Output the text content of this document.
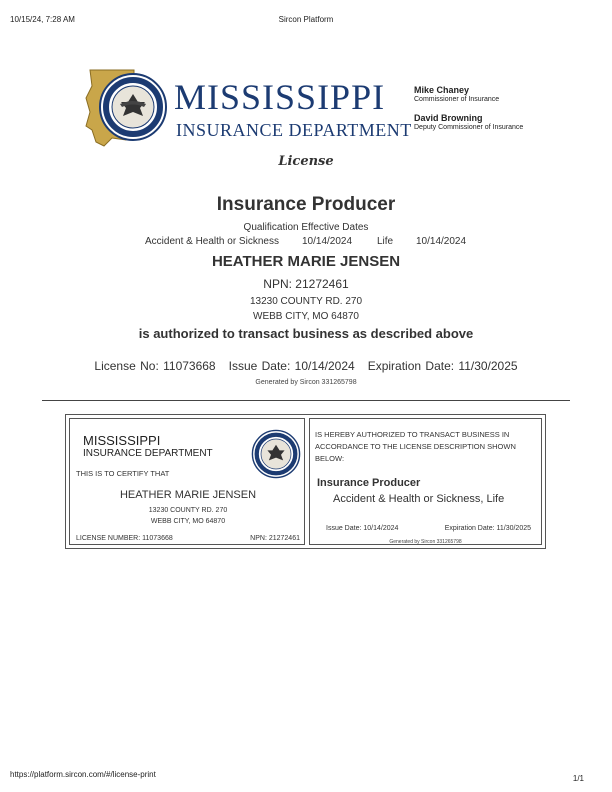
10/15/24, 7:28 AM	Sircon Platform
MISSISSIPPI
INSURANCE DEPARTMENT
Mike Chaney
Commissioner of Insurance
David Browning
Deputy Commissioner of Insurance
License
Insurance Producer
Qualification Effective Dates
Accident & Health or Sickness 10/14/2024 Life 10/14/2024
HEATHER MARIE JENSEN
NPN: 21272461
13230 COUNTY RD. 270
WEBB CITY, MO 64870
is authorized to transact business as described above
License No: 11073668   Issue Date: 10/14/2024   Expiration Date: 11/30/2025
Generated by Sircon 331265798
MISSISSIPPI
INSURANCE DEPARTMENT
THIS IS TO CERTIFY THAT
HEATHER MARIE JENSEN
13230 COUNTY RD. 270
WEBB CITY, MO 64870
LICENSE NUMBER: 11073668	NPN: 21272461
IS HEREBY AUTHORIZED TO TRANSACT BUSINESS IN ACCORDANCE TO THE LICENSE DESCRIPTION SHOWN BELOW:
Insurance Producer
Accident & Health or Sickness, Life
Issue Date: 10/14/2024	Expiration Date: 11/30/2025
Generated by Sircon 331265798
https://platform.sircon.com/#/license-print	1/1
